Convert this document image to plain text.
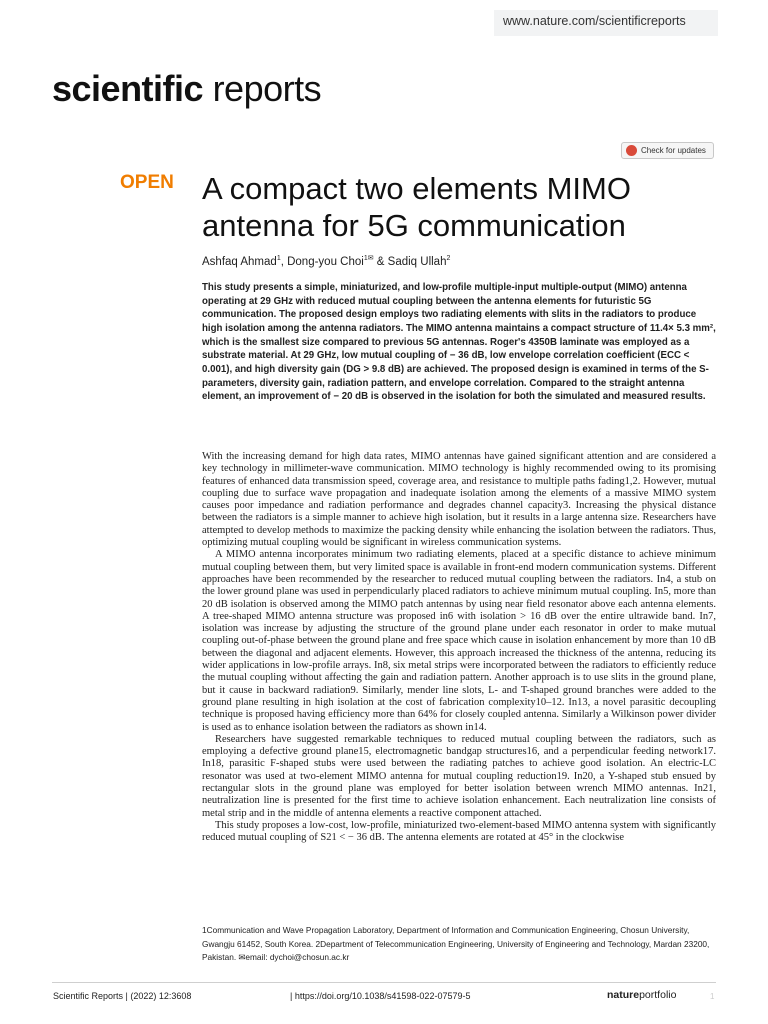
www.nature.com/scientificreports
scientific reports
Check for updates
OPEN A compact two elements MIMO antenna for 5G communication
Ashfaq Ahmad$^1$, Dong-you Choi$^{1✉}$ & Sadiq Ullah$^2$

This study presents a simple, miniaturized, and low-profile multiple-input multiple-output (MIMO) antenna operating at 29 GHz with reduced mutual coupling between the antenna elements for futuristic 5G communication. The proposed design employs two radiating elements with slits in the radiators to produce high isolation among the antenna radiators. The MIMO antenna maintains a compact structure of 11.4× 5.3 mm², which is the smallest size compared to previous 5G antennas. Roger's 4350B laminate was employed as a substrate material. At 29 GHz, low mutual coupling of − 36 dB, low envelope correlation coefficient (ECC < 0.001), and high diversity gain (DG > 9.8 dB) are achieved. The proposed design is examined in terms of the S-parameters, diversity gain, radiation pattern, and envelope correlation. Compared to the straight antenna element, an improvement of − 20 dB is observed in the isolation for both the simulated and measured results.

With the increasing demand for high data rates, MIMO antennas have gained significant attention and are considered a key technology in millimeter-wave communication. MIMO technology is highly recommended owing to its promising features of enhanced data transmission speed, coverage area, and resistance to multiple paths fading1,2. However, mutual coupling due to surface wave propagation and inadequate isolation among the elements of a massive MIMO system causes poor impedance and radiation performance and degrades channel capacity3. Increasing the physical distance between the radiators is a simple manner to achieve high isolation, but it results in a large antenna size. Researchers have attempted to develop methods to maximize the packing density while enhancing the isolation between the radiators. Thus, optimizing mutual coupling would be significant in wireless communication systems.

A MIMO antenna incorporates minimum two radiating elements, placed at a specific distance to achieve minimum mutual coupling between them, but very limited space is available in front-end modern communication systems. Different approaches have been recommended by the researcher to reduced mutual coupling between the radiators. In4, a stub on the lower ground plane was used in perpendicularly placed radiators to achieve minimum mutual coupling. In5, more than 20 dB isolation is observed among the MIMO patch antennas by using near field resonator above each antenna elements. A tree-shaped MIMO antenna structure was proposed in6 with isolation > 16 dB over the entire ultrawide band. In7, isolation was increase by adjusting the structure of the ground plane under each resonator in order to make mutual coupling out-of-phase between the ground plane and free space which cause in isolation enhancement by more than 10 dB between the diagonal and adjacent elements. However, this approach increased the thickness of the antenna, reducing its wider applications in low-profile arrays. In8, six metal strips were incorporated between the radiators to efficiently reduce the mutual coupling without affecting the gain and radiation pattern. Another approach is to use slits in the ground plane, but it cause in backward radiation9. Similarly, mender line slots, L- and T-shaped ground branches were added to the ground plane resulting in high isolation at the cost of fabrication complexity10–12. In13, a novel parasitic decoupling technique is proposed having efficiency more than 64% for closely coupled antenna. Similarly a Wilkinson power divider is used as to enhance isolation between the radiators as shown in14.

Researchers have suggested remarkable techniques to reduced mutual coupling between the radiators, such as employing a defective ground plane15, electromagnetic bandgap structures16, and a perpendicular feeding network17. In18, parasitic F-shaped stubs were used between the radiating patches to achieve good isolation. An electric-LC resonator was used at two-element MIMO antenna for mutual coupling reduction19. In20, a Y-shaped stub ensued by rectangular slots in the ground plane was employed for better isolation between wrench MIMO antennas. In21, neutralization line is presented for the first time to achieve isolation enhancement. Each neutralization line consists of metal strip and in the middle of antenna elements a reactive component attached.

This study proposes a low-cost, low-profile, miniaturized two-element-based MIMO antenna system with significantly reduced mutual coupling of S21 < − 36 dB. The antenna elements are rotated at 45° in the clockwise

1Communication and Wave Propagation Laboratory, Department of Information and Communication Engineering, Chosun University, Gwangju 61452, South Korea. 2Department of Telecommunication Engineering, University of Engineering and Technology, Mardan 23200, Pakistan. ✉email: dychoi@chosun.ac.kr

Scientific Reports | (2022) 12:3608	| https://doi.org/10.1038/s41598-022-07579-5	natureportfolio	1
